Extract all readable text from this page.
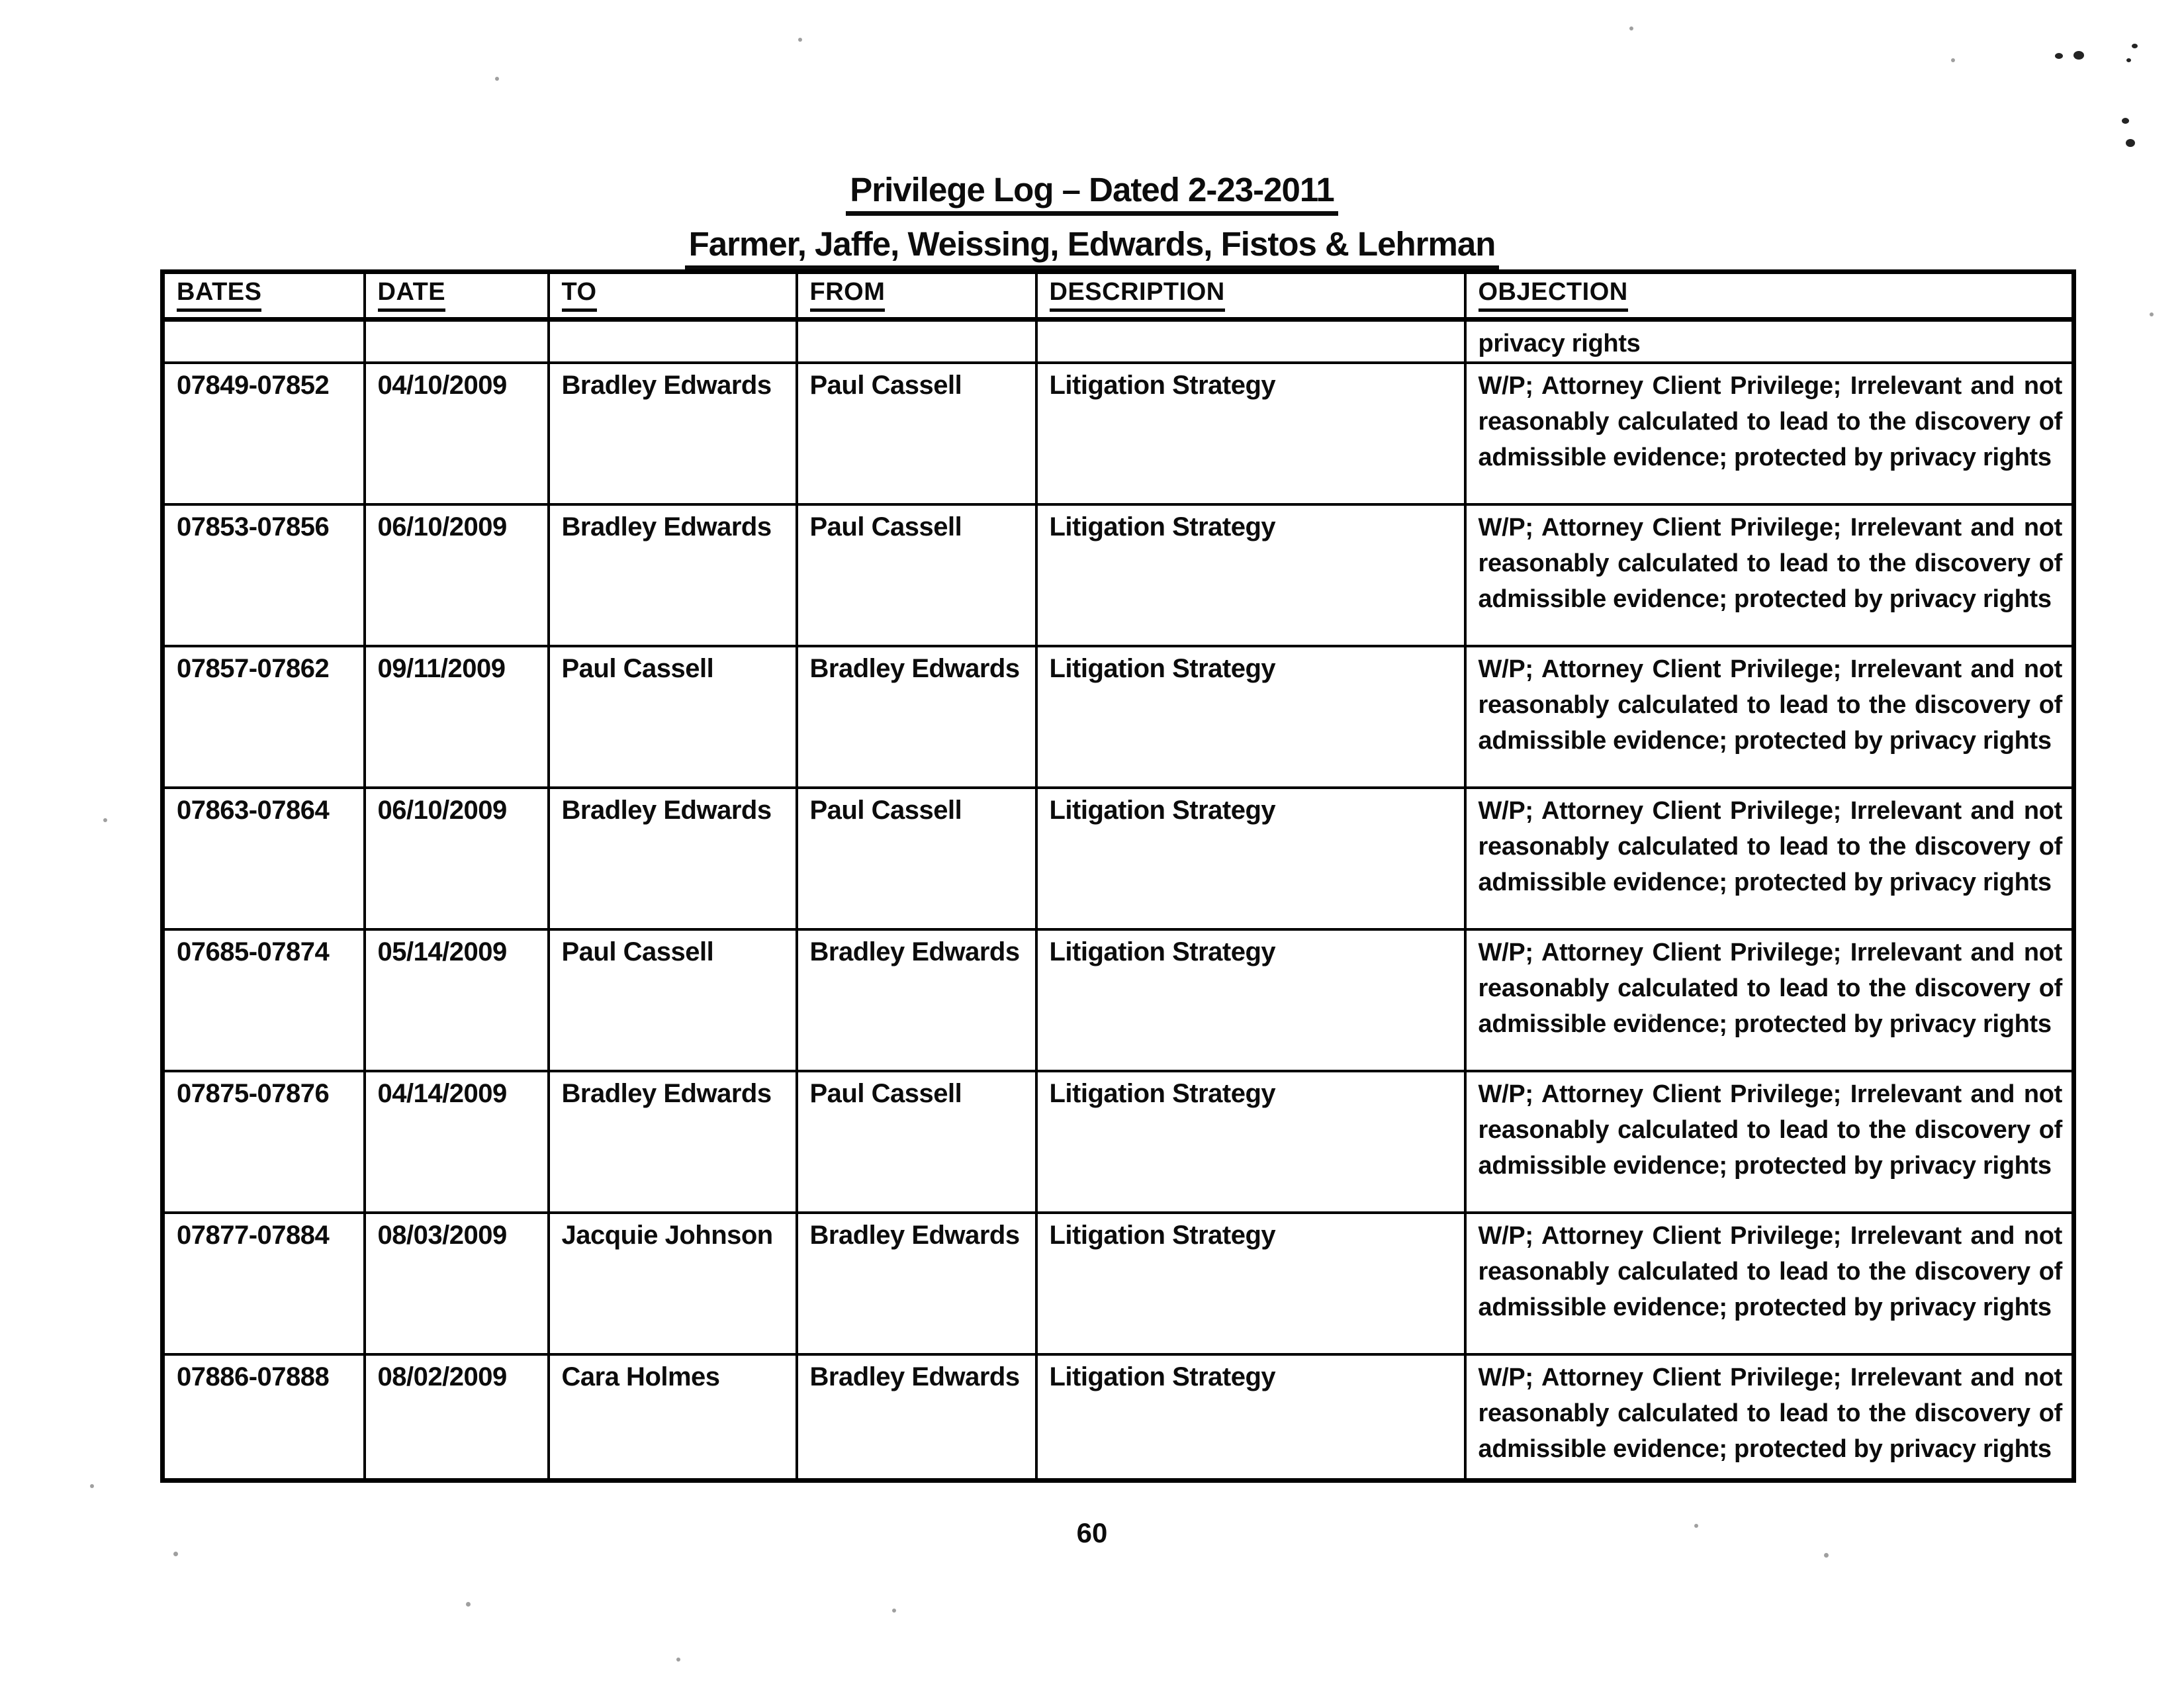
Privilege Log – Dated 2-23-2011
Farmer, Jaffe, Weissing, Edwards, Fistos & Lehrman
BATES	DATE	TO	FROM	DESCRIPTION	OBJECTION
					privacy rights
07849-07852	04/10/2009	Bradley Edwards	Paul Cassell	Litigation Strategy	W/P; Attorney Client Privilege; Irrelevant and not reasonably calculated to lead to the discovery of admissible evidence; protected by privacy rights
07853-07856	06/10/2009	Bradley Edwards	Paul Cassell	Litigation Strategy	W/P; Attorney Client Privilege; Irrelevant and not reasonably calculated to lead to the discovery of admissible evidence; protected by privacy rights
07857-07862	09/11/2009	Paul Cassell	Bradley Edwards	Litigation Strategy	W/P; Attorney Client Privilege; Irrelevant and not reasonably calculated to lead to the discovery of admissible evidence; protected by privacy rights
07863-07864	06/10/2009	Bradley Edwards	Paul Cassell	Litigation Strategy	W/P; Attorney Client Privilege; Irrelevant and not reasonably calculated to lead to the discovery of admissible evidence; protected by privacy rights
07685-07874	05/14/2009	Paul Cassell	Bradley Edwards	Litigation Strategy	W/P; Attorney Client Privilege; Irrelevant and not reasonably calculated to lead to the discovery of admissible evidence; protected by privacy rights
07875-07876	04/14/2009	Bradley Edwards	Paul Cassell	Litigation Strategy	W/P; Attorney Client Privilege; Irrelevant and not reasonably calculated to lead to the discovery of admissible evidence; protected by privacy rights
07877-07884	08/03/2009	Jacquie Johnson	Bradley Edwards	Litigation Strategy	W/P; Attorney Client Privilege; Irrelevant and not reasonably calculated to lead to the discovery of admissible evidence; protected by privacy rights
07886-07888	08/02/2009	Cara Holmes	Bradley Edwards	Litigation Strategy	W/P; Attorney Client Privilege; Irrelevant and not reasonably calculated to lead to the discovery of admissible evidence; protected by privacy rights
60
